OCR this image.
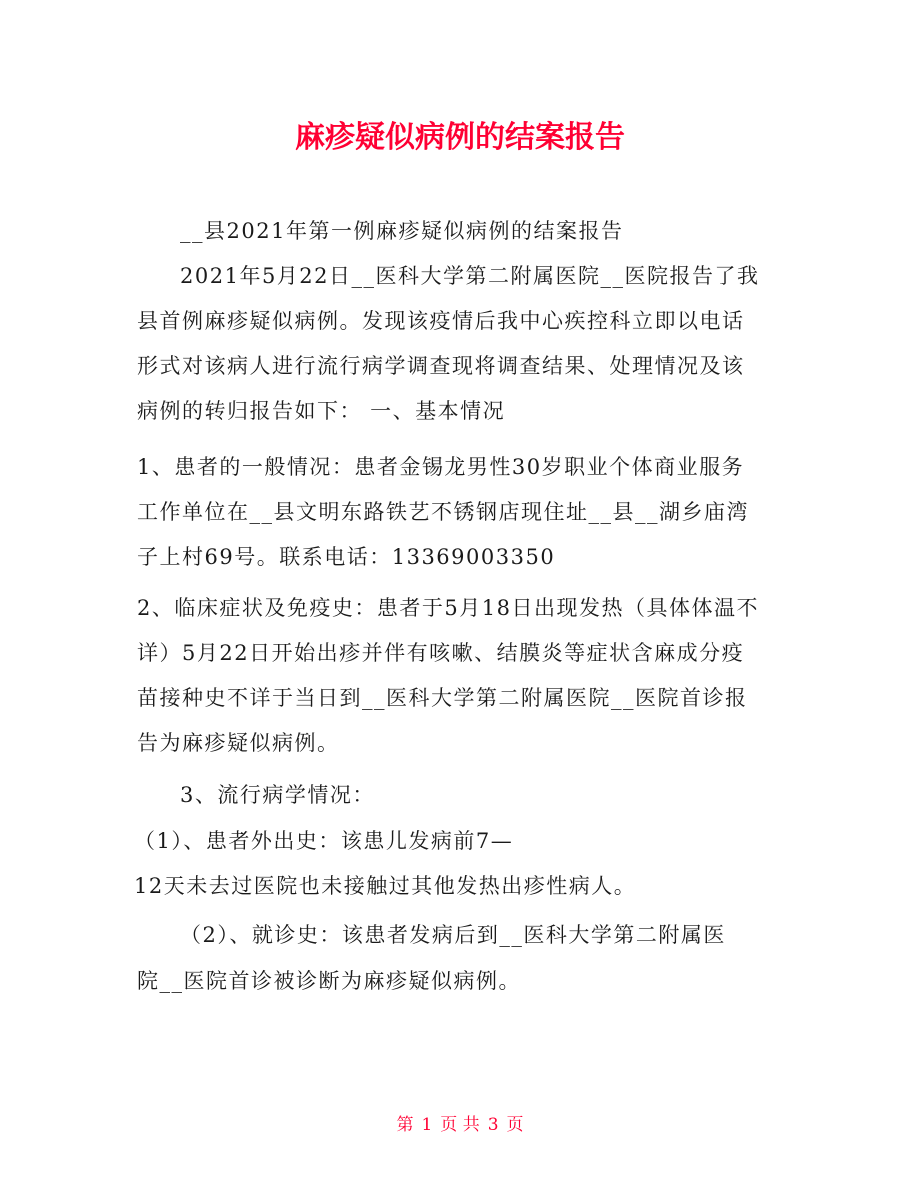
麻疹疑似病例的结案报告
__县2021年第一例麻疹疑似病例的结案报告
2021年5月22日__医科大学第二附属医院__医院报告了我
县首例麻疹疑似病例。发现该疫情后我中心疾控科立即以电话
形式对该病人进行流行病学调查现将调查结果、处理情况及该
病例的转归报告如下： 一、基本情况
1、患者的一般情况：患者金锡龙男性30岁职业个体商业服务
工作单位在__县文明东路铁艺不锈钢店现住址__县__湖乡庙湾
子上村69号。联系电话：13369003350
2、临床症状及免疫史：患者于5月18日出现发热（具体体温不
详）5月22日开始出疹并伴有咳嗽、结膜炎等症状含麻成分疫
苗接种史不详于当日到__医科大学第二附属医院__医院首诊报
告为麻疹疑似病例。
3、流行病学情况：
（1）、患者外出史：该患儿发病前7—
12天未去过医院也未接触过其他发热出疹性病人。
（2）、就诊史：该患者发病后到__医科大学第二附属医
院__医院首诊被诊断为麻疹疑似病例。
第 1 页 共 3 页
